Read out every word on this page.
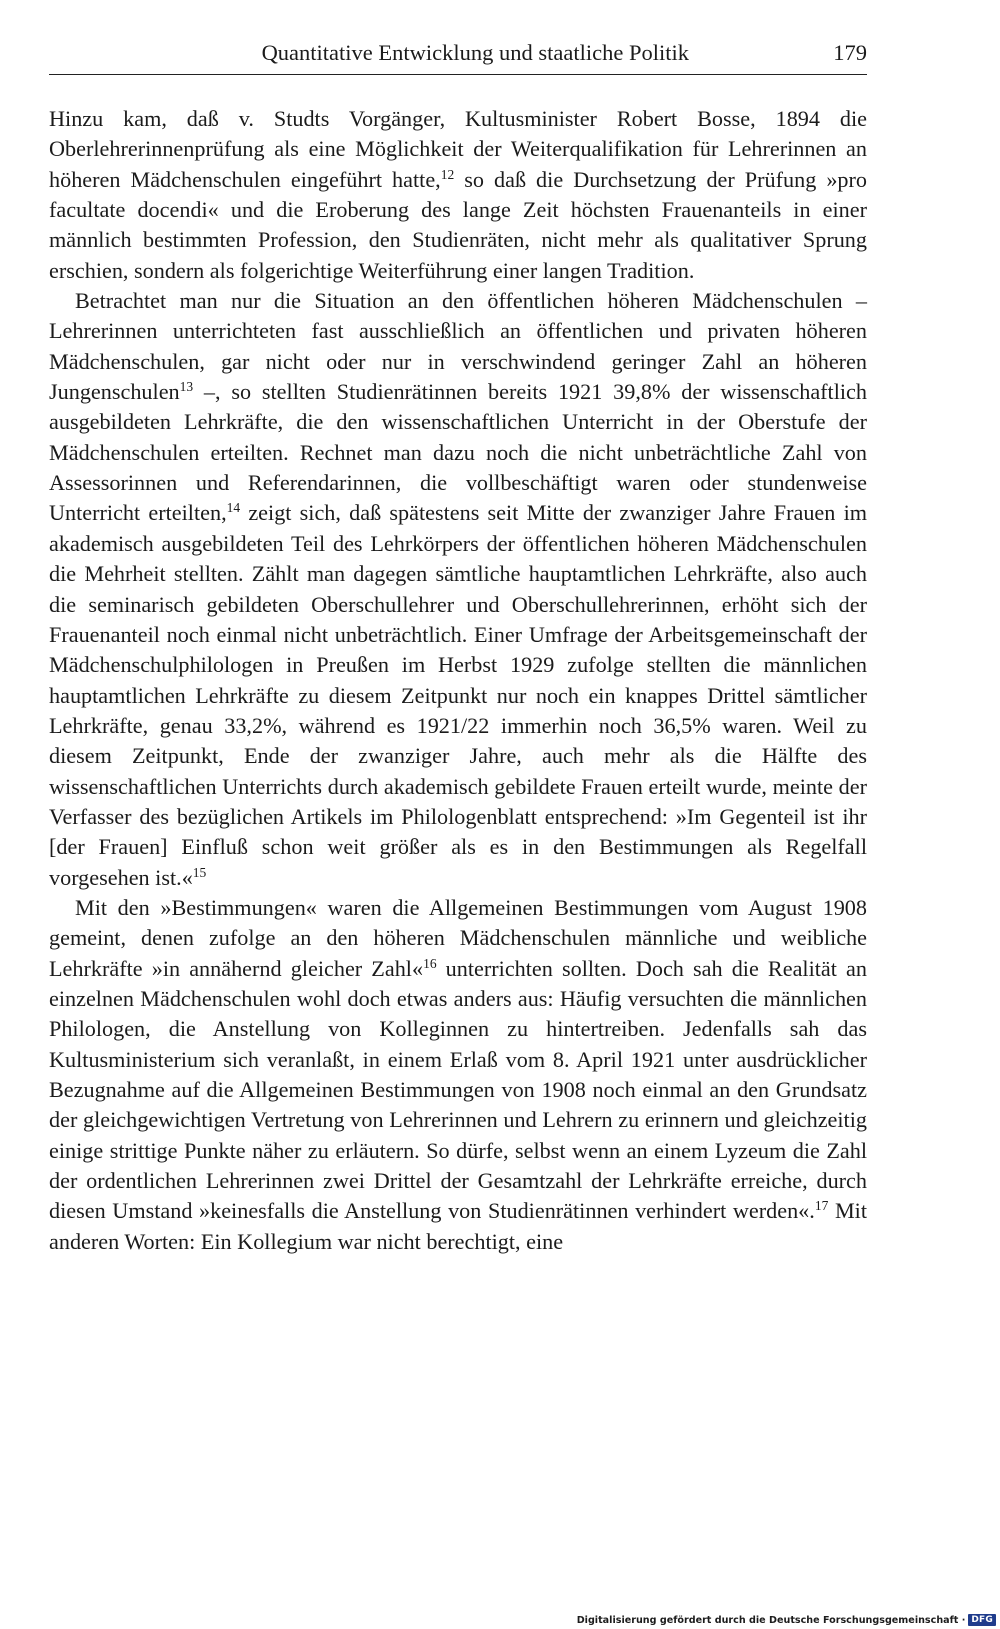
Quantitative Entwicklung und staatliche Politik	179

Hinzu kam, daß v. Studts Vorgänger, Kultusminister Robert Bosse, 1894 die Oberlehrerinnenprüfung als eine Möglichkeit der Weiterqualifikation für Lehrerinnen an höheren Mädchenschulen eingeführt hatte,$^{12}$ so daß die Durchsetzung der Prüfung »pro facultate docendi« und die Eroberung des lange Zeit höchsten Frauenanteils in einer männlich bestimmten Profession, den Studienräten, nicht mehr als qualitativer Sprung erschien, sondern als folgerichtige Weiterführung einer langen Tradition.

Betrachtet man nur die Situation an den öffentlichen höheren Mädchenschulen – Lehrerinnen unterrichteten fast ausschließlich an öffentlichen und privaten höheren Mädchenschulen, gar nicht oder nur in verschwindend geringer Zahl an höheren Jungenschulen$^{13}$ –, so stellten Studienrätinnen bereits 1921 39,8% der wissenschaftlich ausgebildeten Lehrkräfte, die den wissenschaftlichen Unterricht in der Oberstufe der Mädchenschulen erteilten. Rechnet man dazu noch die nicht unbeträchtliche Zahl von Assessorinnen und Referendarinnen, die vollbeschäftigt waren oder stundenweise Unterricht erteilten,$^{14}$ zeigt sich, daß spätestens seit Mitte der zwanziger Jahre Frauen im akademisch ausgebildeten Teil des Lehrkörpers der öffentlichen höheren Mädchenschulen die Mehrheit stellten. Zählt man dagegen sämtliche hauptamtlichen Lehrkräfte, also auch die seminarisch gebildeten Oberschullehrer und Oberschullehrerinnen, erhöht sich der Frauenanteil noch einmal nicht unbeträchtlich. Einer Umfrage der Arbeitsgemeinschaft der Mädchenschulphilologen in Preußen im Herbst 1929 zufolge stellten die männlichen hauptamtlichen Lehrkräfte zu diesem Zeitpunkt nur noch ein knappes Drittel sämtlicher Lehrkräfte, genau 33,2%, während es 1921/22 immerhin noch 36,5% waren. Weil zu diesem Zeitpunkt, Ende der zwanziger Jahre, auch mehr als die Hälfte des wissenschaftlichen Unterrichts durch akademisch gebildete Frauen erteilt wurde, meinte der Verfasser des bezüglichen Artikels im Philologenblatt entsprechend: »Im Gegenteil ist ihr [der Frauen] Einfluß schon weit größer als es in den Bestimmungen als Regelfall vorgesehen ist.«$^{15}$

Mit den »Bestimmungen« waren die Allgemeinen Bestimmungen vom August 1908 gemeint, denen zufolge an den höheren Mädchenschulen männliche und weibliche Lehrkräfte »in annähernd gleicher Zahl«$^{16}$ unterrichten sollten. Doch sah die Realität an einzelnen Mädchenschulen wohl doch etwas anders aus: Häufig versuchten die männlichen Philologen, die Anstellung von Kolleginnen zu hintertreiben. Jedenfalls sah das Kultusministerium sich veranlaßt, in einem Erlaß vom 8. April 1921 unter ausdrücklicher Bezugnahme auf die Allgemeinen Bestimmungen von 1908 noch einmal an den Grundsatz der gleichgewichtigen Vertretung von Lehrerinnen und Lehrern zu erinnern und gleichzeitig einige strittige Punkte näher zu erläutern. So dürfe, selbst wenn an einem Lyzeum die Zahl der ordentlichen Lehrerinnen zwei Drittel der Gesamtzahl der Lehrkräfte erreiche, durch diesen Umstand »keinesfalls die Anstellung von Studienrätinnen verhindert werden«.$^{17}$ Mit anderen Worten: Ein Kollegium war nicht berechtigt, eine

Digitalisierung gefördert durch die Deutsche Forschungsgemeinschaft · DFG
